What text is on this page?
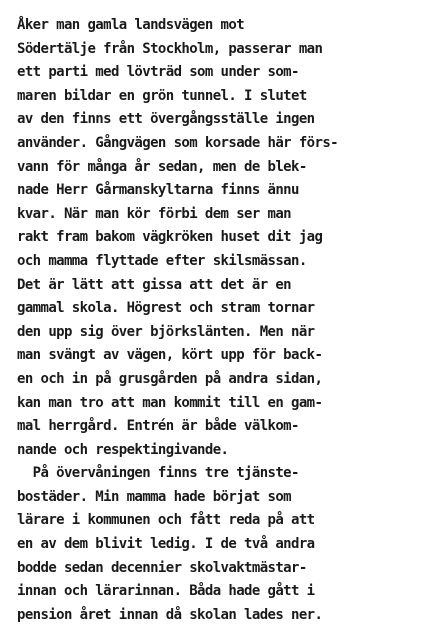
Åker man gamla landsvägen mot
Södertälje från Stockholm, passerar man
ett parti med lövträd som under som-
maren bildar en grön tunnel. I slutet
av den finns ett övergångsställe ingen
använder. Gångvägen som korsade här förs-
vann för många år sedan, men de blek-
nade Herr Gårmanskyltarna finns ännu
kvar. När man kör förbi dem ser man
rakt fram bakom vägkröken huset dit jag
och mamma flyttade efter skilsmässan.
Det är lätt att gissa att det är en
gammal skola. Högrest och stram tornar
den upp sig över björkslänten. Men när
man svängt av vägen, kört upp för back-
en och in på grusgården på andra sidan,
kan man tro att man kommit till en gam-
mal herrgård. Entrén är både välkom-
nande och respektingivande.
På övervåningen finns tre tjänste-
bostäder. Min mamma hade börjat som
lärare i kommunen och fått reda på att
en av dem blivit ledig. I de två andra
bodde sedan decennier skolvaktmästar-
innan och lärarinnan. Båda hade gått i
pension året innan då skolan lades ner.
